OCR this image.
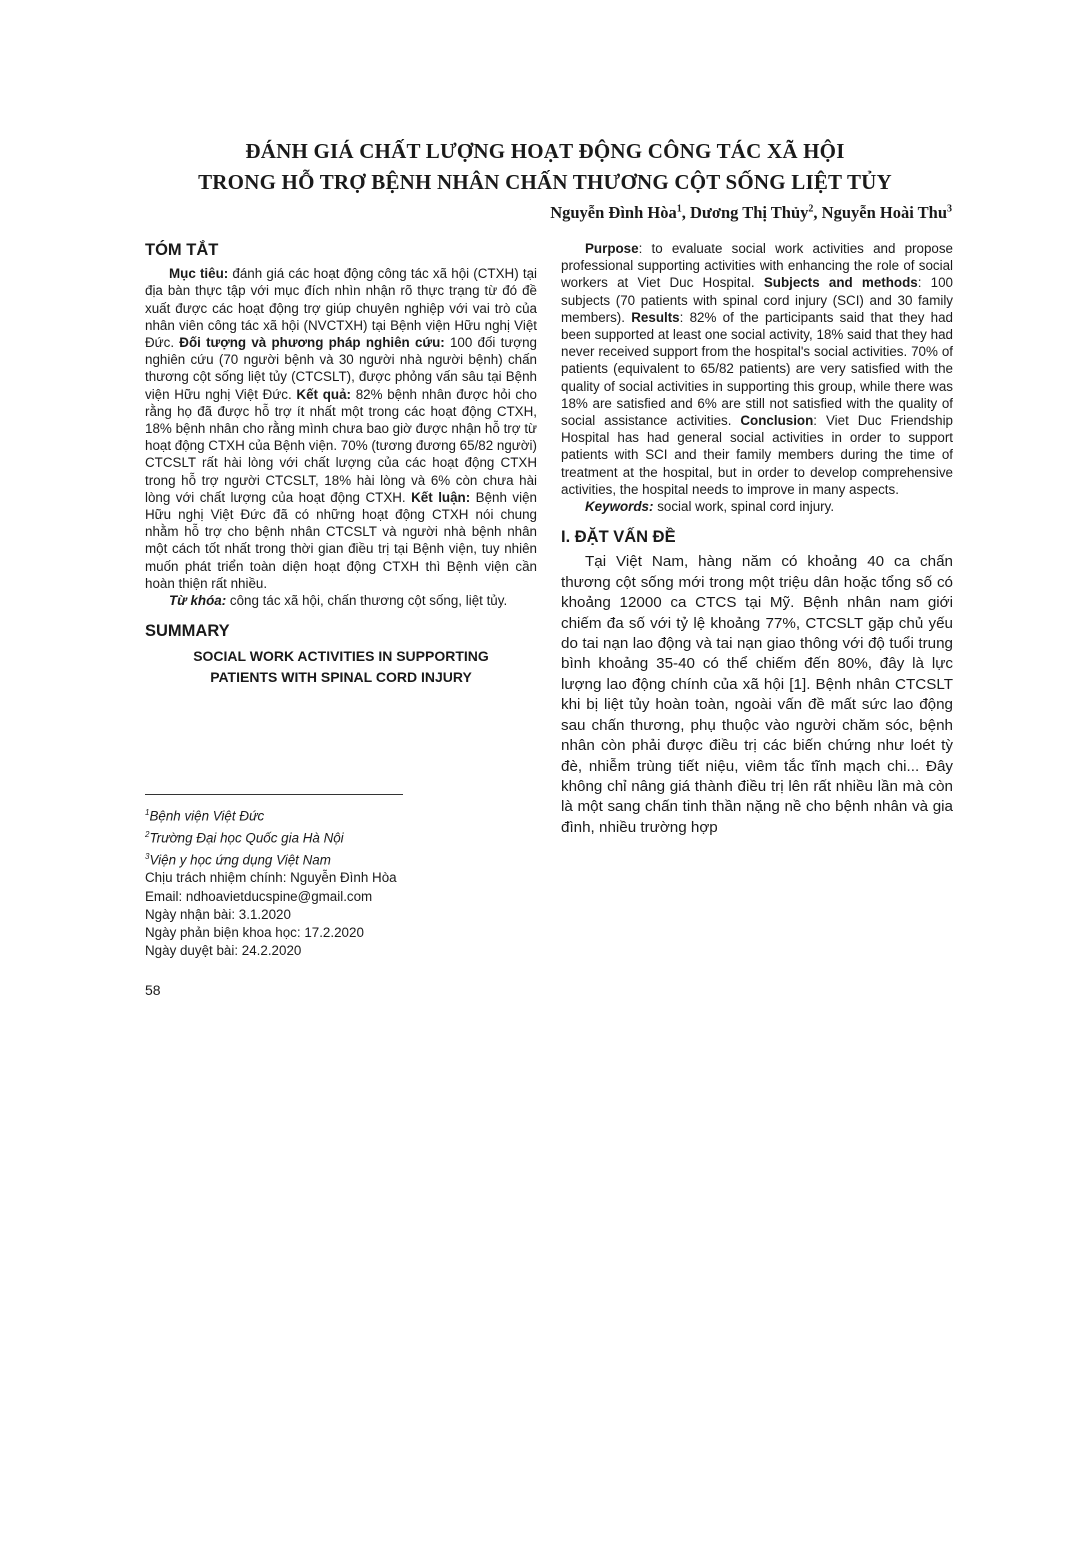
ĐÁNH GIÁ CHẤT LƯỢNG HOẠT ĐỘNG CÔNG TÁC XÃ HỘI
TRONG HỖ TRỢ BỆNH NHÂN CHẤN THƯƠNG CỘT SỐNG LIỆT TỦY
Nguyễn Đình Hòa$^1$, Dương Thị Thủy$^2$, Nguyễn Hoài Thu$^3$
TÓM TẮT

Mục tiêu: đánh giá các hoạt động công tác xã hội (CTXH) tại địa bàn thực tập với mục đích nhìn nhận rõ thực trạng từ đó đề xuất được các hoạt động trợ giúp chuyên nghiệp với vai trò của nhân viên công tác xã hội (NVCTXH) tại Bệnh viện Hữu nghị Việt Đức. Đối tượng và phương pháp nghiên cứu: 100 đối tượng nghiên cứu (70 người bệnh và 30 người nhà người bệnh) chấn thương cột sống liệt tủy (CTCSLT), được phỏng vấn sâu tại Bệnh viện Hữu nghị Việt Đức. Kết quả: 82% bệnh nhân được hỏi cho rằng họ đã được hỗ trợ ít nhất một trong các hoạt động CTXH, 18% bệnh nhân cho rằng mình chưa bao giờ được nhận hỗ trợ từ hoạt động CTXH của Bệnh viện. 70% (tương đương 65/82 người) CTCSLT rất hài lòng với chất lượng của các hoạt động CTXH trong hỗ trợ người CTCSLT, 18% hài lòng và 6% còn chưa hài lòng với chất lượng của hoạt động CTXH. Kết luận: Bệnh viện Hữu nghị Việt Đức đã có những hoạt động CTXH nói chung nhằm hỗ trợ cho bệnh nhân CTCSLT và người nhà bệnh nhân một cách tốt nhất trong thời gian điều trị tại Bệnh viện, tuy nhiên muốn phát triển toàn diện hoạt động CTXH thì Bệnh viện cần hoàn thiện rất nhiều.

Từ khóa: công tác xã hội, chấn thương cột sống, liệt tủy.

SUMMARY
SOCIAL WORK ACTIVITIES IN SUPPORTING
PATIENTS WITH SPINAL CORD INJURY

$^1$Bệnh viện Việt Đức

$^2$Trường Đại học Quốc gia Hà Nội

$^3$Viện y học ứng dụng Việt Nam

Chịu trách nhiệm chính: Nguyễn Đình Hòa

Email: ndhoavietducspine@gmail.com

Ngày nhận bài: 3.1.2020

Ngày phản biện khoa học: 17.2.2020

Ngày duyệt bài: 24.2.2020

58

Purpose: to evaluate social work activities and propose professional supporting activities with enhancing the role of social workers at Viet Duc Hospital. Subjects and methods: 100 subjects (70 patients with spinal cord injury (SCI) and 30 family members). Results: 82% of the participants said that they had been supported at least one social activity, 18% said that they had never received support from the hospital's social activities. 70% of patients (equivalent to 65/82 patients) are very satisfied with the quality of social activities in supporting this group, while there was 18% are satisfied and 6% are still not satisfied with the quality of social assistance activities. Conclusion: Viet Duc Friendship Hospital has had general social activities in order to support patients with SCI and their family members during the time of treatment at the hospital, but in order to develop comprehensive activities, the hospital needs to improve in many aspects.

Keywords: social work, spinal cord injury.

I. ĐẶT VẤN ĐỀ

Tại Việt Nam, hàng năm có khoảng 40 ca chấn thương cột sống mới trong một triệu dân hoặc tổng số có khoảng 12000 ca CTCS tại Mỹ. Bệnh nhân nam giới chiếm đa số với tỷ lệ khoảng 77%, CTCSLT gặp chủ yếu do tai nạn lao động và tai nạn giao thông với độ tuổi trung bình khoảng 35-40 có thể chiếm đến 80%, đây là lực lượng lao động chính của xã hội [1]. Bệnh nhân CTCSLT khi bị liệt tủy hoàn toàn, ngoài vấn đề mất sức lao động sau chấn thương, phụ thuộc vào người chăm sóc, bệnh nhân còn phải được điều trị các biến chứng như loét tỳ đè, nhiễm trùng tiết niệu, viêm tắc tĩnh mạch chi... Đây không chỉ nâng giá thành điều trị lên rất nhiều lần mà còn là một sang chấn tinh thần nặng nề cho bệnh nhân và gia đình, nhiều trường hợp
